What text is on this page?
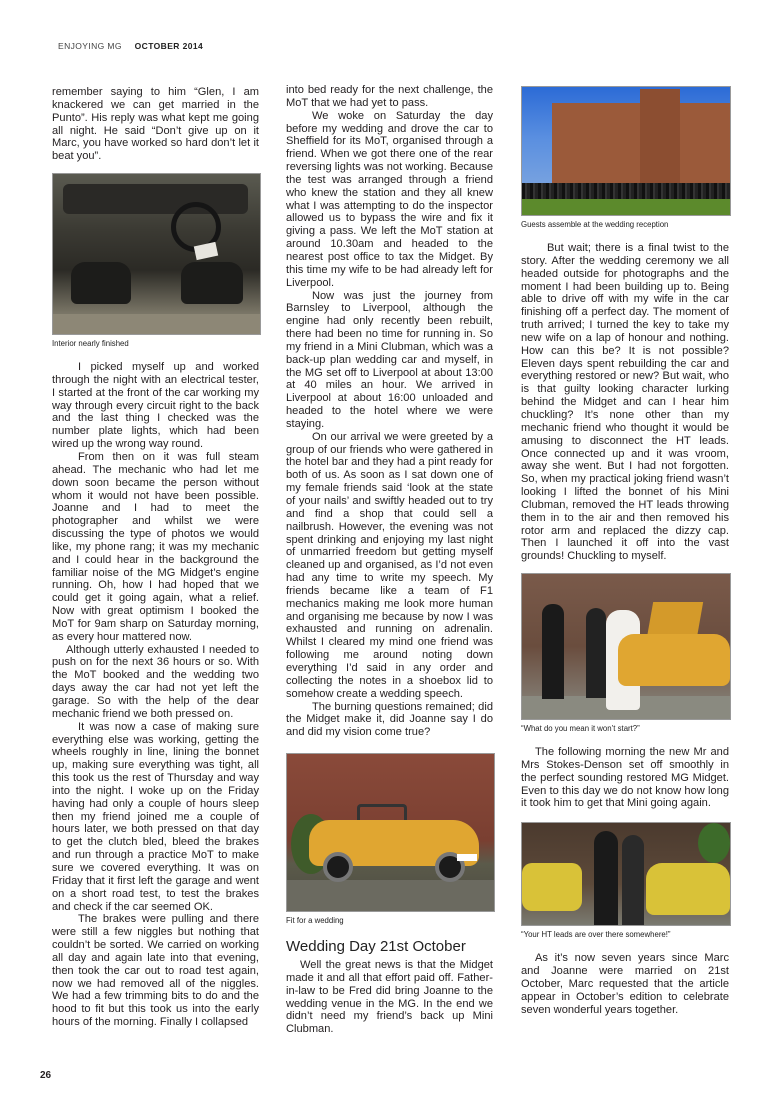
ENJOYING MG OCTOBER 2014

remember saying to him “Glen, I am knackered we can get married in the Punto”. His reply was what kept me going all night. He said “Don’t give up on it Marc, you have worked so hard don’t let it beat you”.

Interior nearly finished

I picked myself up and worked through the night with an electrical tester, I started at the front of the car working my way through every circuit right to the back and the last thing I checked was the number plate lights, which had been wired up the wrong way round.

From then on it was full steam ahead. The mechanic who had let me down soon became the person without whom it would not have been possible. Joanne and I had to meet the photographer and whilst we were discussing the type of photos we would like, my phone rang; it was my mechanic and I could hear in the background the familiar noise of the MG Midget’s engine running. Oh, how I had hoped that we could get it going again, what a relief. Now with great optimism I booked the MoT for 9am sharp on Saturday morning, as every hour mattered now.

Although utterly exhausted I needed to push on for the next 36 hours or so. With the MoT booked and the wedding two days away the car had not yet left the garage. So with the help of the dear mechanic friend we both pressed on.

It was now a case of making sure everything else was working, getting the wheels roughly in line, lining the bonnet up, making sure everything was tight, all this took us the rest of Thursday and way into the night. I woke up on the Friday having had only a couple of hours sleep then my friend joined me a couple of hours later, we both pressed on that day to get the clutch bled, bleed the brakes and run through a practice MoT to make sure we covered everything. It was on Friday that it first left the garage and went on a short road test, to test the brakes and check if the car seemed OK.

The brakes were pulling and there were still a few niggles but nothing that couldn’t be sorted. We carried on working all day and again late into that evening, then took the car out to road test again, now we had removed all of the niggles. We had a few trimming bits to do and the hood to fit but this took us into the early hours of the morning. Finally I collapsed

into bed ready for the next challenge, the MoT that we had yet to pass.

We woke on Saturday the day before my wedding and drove the car to Sheffield for its MoT, organised through a friend. When we got there one of the rear reversing lights was not working. Because the test was arranged through a friend who knew the station and they all knew what I was attempting to do the inspector allowed us to bypass the wire and fix it giving a pass. We left the MoT station at around 10.30am and headed to the nearest post office to tax the Midget. By this time my wife to be had already left for Liverpool.

Now was just the journey from Barnsley to Liverpool, although the engine had only recently been rebuilt, there had been no time for running in. So my friend in a Mini Clubman, which was a back-up plan wedding car and myself, in the MG set off to Liverpool at about 13:00 at 40 miles an hour. We arrived in Liverpool at about 16:00 unloaded and headed to the hotel where we were staying.

On our arrival we were greeted by a group of our friends who were gathered in the hotel bar and they had a pint ready for both of us. As soon as I sat down one of my female friends said ‘look at the state of your nails’ and swiftly headed out to try and find a shop that could sell a nailbrush. However, the evening was not spent drinking and enjoying my last night of unmarried freedom but getting myself cleaned up and organised, as I’d not even had any time to write my speech. My friends became like a team of F1 mechanics making me look more human and organising me because by now I was exhausted and running on adrenalin. Whilst I cleared my mind one friend was following me around noting down everything I’d said in any order and collecting the notes in a shoebox lid to somehow create a wedding speech.

The burning questions remained; did the Midget make it, did Joanne say I do and did my vision come true?

Fit for a wedding
Wedding Day 21st October

Well the great news is that the Midget made it and all that effort paid off. Father-in-law to be Fred did bring Joanne to the wedding venue in the MG. In the end we didn’t need my friend’s back up Mini Clubman.

Guests assemble at the wedding reception

But wait; there is a final twist to the story. After the wedding ceremony we all headed outside for photographs and the moment I had been building up to. Being able to drive off with my wife in the car finishing off a perfect day. The moment of truth arrived; I turned the key to take my new wife on a lap of honour and nothing. How can this be? It is not possible? Eleven days spent rebuilding the car and everything restored or new? But wait, who is that guilty looking character lurking behind the Midget and can I hear him chuckling? It’s none other than my mechanic friend who thought it would be amusing to disconnect the HT leads. Once connected up and it was vroom, away she went. But I had not forgotten. So, when my practical joking friend wasn’t looking I lifted the bonnet of his Mini Clubman, removed the HT leads throwing them in to the air and then removed his rotor arm and replaced the dizzy cap. Then I launched it off into the vast grounds! Chuckling to myself.

“What do you mean it won’t start?”

The following morning the new Mr and Mrs Stokes-Denson set off smoothly in the perfect sounding restored MG Midget. Even to this day we do not know how long it took him to get that Mini going again.

“Your HT leads are over there somewhere!”

As it’s now seven years since Marc and Joanne were married on 21st October, Marc requested that the article appear in October’s edition to celebrate seven wonderful years together.

26
